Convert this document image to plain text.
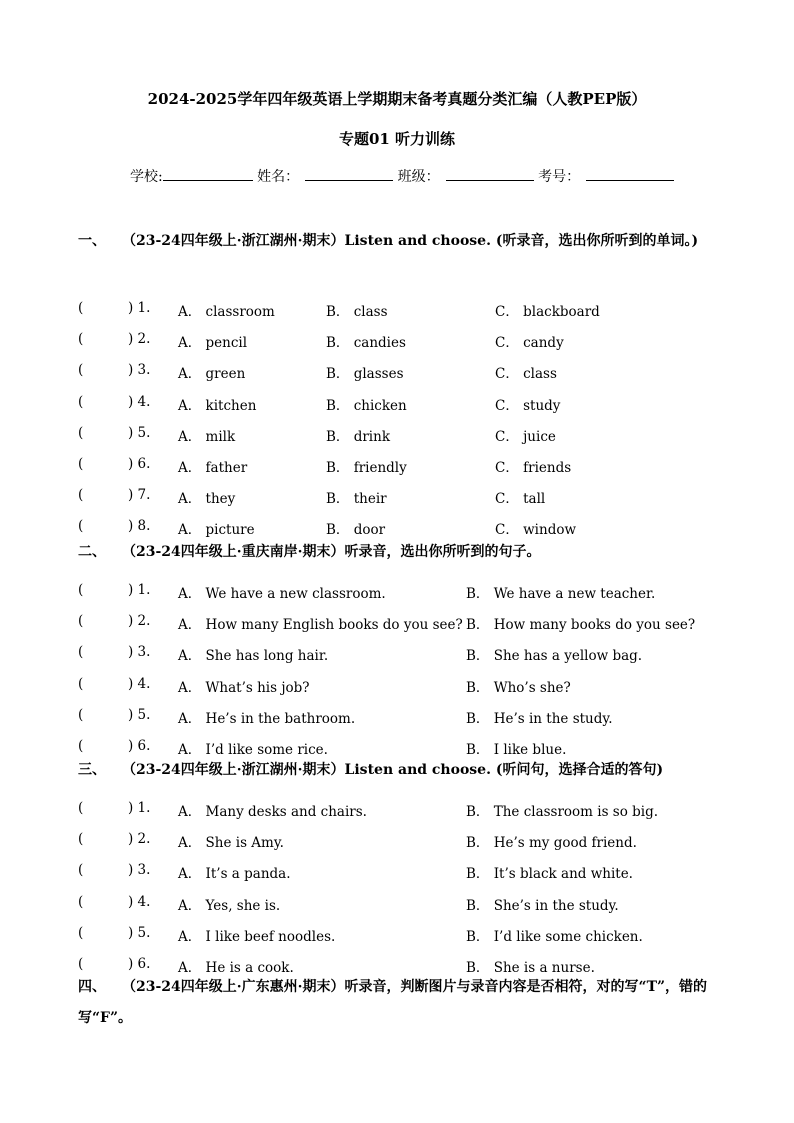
2024-2025学年四年级英语上学期期末备考真题分类汇编（人教PEP版）
专题01 听力训练
学校:	姓名：	班级：	考号：
一、 （23-24四年级上·浙江湖州·期末）Listen and choose. (听录音，选出你所听到的单词。)
(	) 1. A． classroom	B． class	C． blackboard
(	) 2. A． pencil	B． candies	C． candy
(	) 3. A． green	B． glasses	C． class
(	) 4. A． kitchen	B． chicken	C． study
(	) 5. A． milk	B． drink	C． juice
(	) 6. A． father	B． friendly	C． friends
(	) 7. A． they	B． their	C． tall
(	) 8. A． picture	B． door	C． window
二、 （23-24四年级上·重庆南岸·期末）听录音，选出你所听到的句子。
(	) 1. A． We have a new classroom.	B． We have a new teacher.
(	) 2. A． How many English books do you see? B． How many books do you see?
(	) 3. A． She has long hair.	B． She has a yellow bag.
(	) 4. A． What’s his job?	B． Who’s she?
(	) 5. A． He’s in the bathroom.	B． He’s in the study.
(	) 6. A． I’d like some rice.	B． I like blue.
三、 （23-24四年级上·浙江湖州·期末）Listen and choose. (听问句，选择合适的答句)
(	) 1. A． Many desks and chairs.	B． The classroom is so big.
(	) 2. A． She is Amy.	B． He’s my good friend.
(	) 3. A． It’s a panda.	B． It’s black and white.
(	) 4. A． Yes, she is.	B． She’s in the study.
(	) 5. A． I like beef noodles.	B． I’d like some chicken.
(	) 6. A． He is a cook.	B． She is a nurse.
四、 （23-24四年级上·广东惠州·期末）听录音，判断图片与录音内容是否相符，对的写“T”，错的写“F”。
